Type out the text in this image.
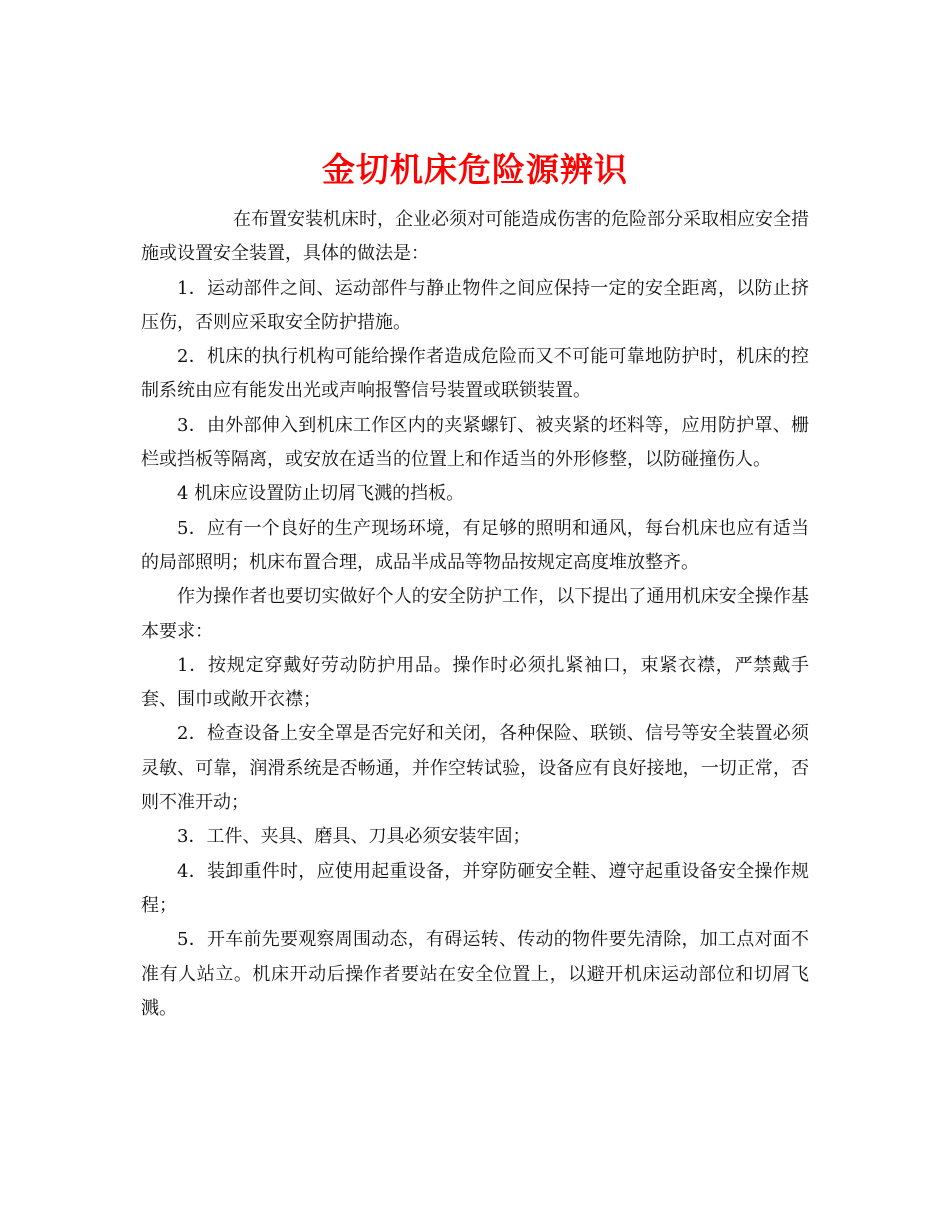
金切机床危险源辨识

在布置安装机床时，企业必须对可能造成伤害的危险部分采取相应安全措施或设置安全装置，具体的做法是：

1．运动部件之间、运动部件与静止物件之间应保持一定的安全距离，以防止挤压伤，否则应采取安全防护措施。

2．机床的执行机构可能给操作者造成危险而又不可能可靠地防护时，机床的控制系统由应有能发出光或声响报警信号装置或联锁装置。

3．由外部伸入到机床工作区内的夹紧螺钉、被夹紧的坯料等，应用防护罩、栅栏或挡板等隔离，或安放在适当的位置上和作适当的外形修整，以防碰撞伤人。

4 机床应设置防止切屑飞溅的挡板。

5．应有一个良好的生产现场环境，有足够的照明和通风，每台机床也应有适当的局部照明；机床布置合理，成品半成品等物品按规定高度堆放整齐。

作为操作者也要切实做好个人的安全防护工作，以下提出了通用机床安全操作基本要求：

1．按规定穿戴好劳动防护用品。操作时必须扎紧袖口，束紧衣襟，严禁戴手套、围巾或敞开衣襟；

2．检查设备上安全罩是否完好和关闭，各种保险、联锁、信号等安全装置必须灵敏、可靠，润滑系统是否畅通，并作空转试验，设备应有良好接地，一切正常，否则不准开动；

3．工件、夹具、磨具、刀具必须安装牢固；

4．装卸重件时，应使用起重设备，并穿防砸安全鞋、遵守起重设备安全操作规程；

5．开车前先要观察周围动态，有碍运转、传动的物件要先清除，加工点对面不准有人站立。机床开动后操作者要站在安全位置上，以避开机床运动部位和切屑飞溅。
